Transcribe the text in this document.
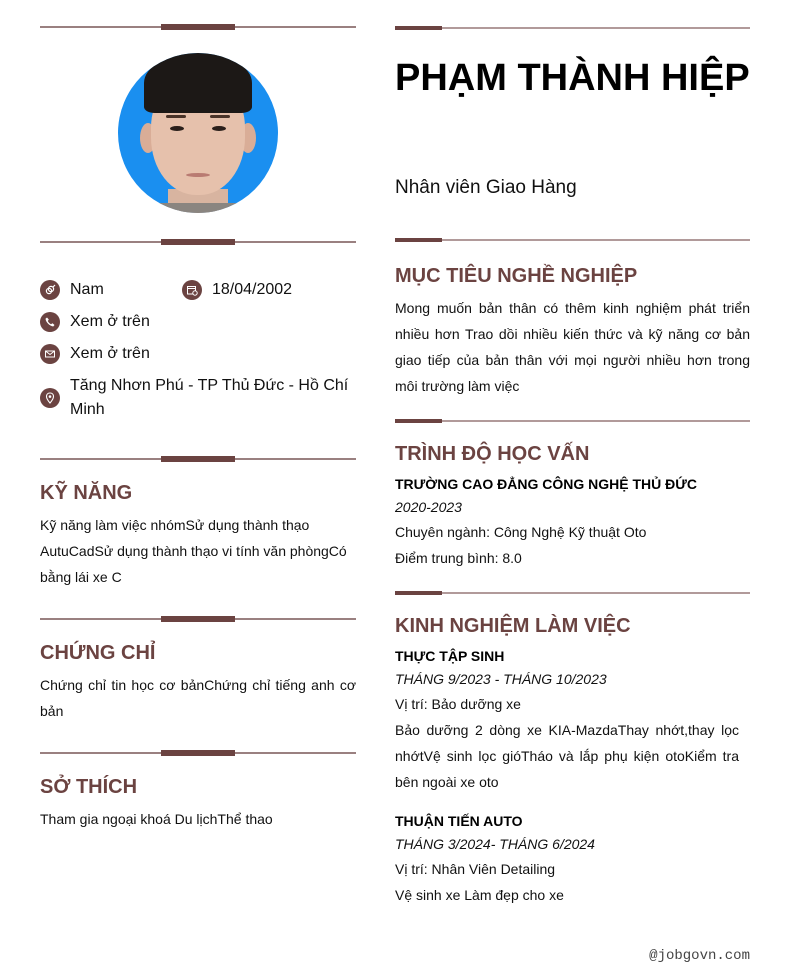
Nam	18/04/2002
Xem ở trên
Xem ở trên
Tăng Nhơn Phú - TP Thủ Đức - Hồ Chí Minh
KỸ NĂNG
Kỹ năng làm việc nhómSử dụng thành thạo AutuCadSử dụng thành thạo vi tính văn phòngCó bằng lái xe C
CHỨNG CHỈ
Chứng chỉ tin học cơ bảnChứng chỉ tiếng anh cơ bản
SỞ THÍCH
Tham gia ngoại khoá Du lịchThể thao
PHẠM THÀNH HIỆP
Nhân viên Giao Hàng
MỤC TIÊU NGHỀ NGHIỆP
Mong muốn bản thân có thêm kinh nghiệm phát triển nhiều hơn Trao dồi nhiều kiến thức và kỹ năng cơ bản giao tiếp của bản thân với mọi người nhiều hơn trong môi trường làm việc
TRÌNH ĐỘ HỌC VẤN
TRƯỜNG CAO ĐẲNG CÔNG NGHỆ THỦ ĐỨC
2020-2023
Chuyên ngành: Công Nghệ Kỹ thuật Oto
Điểm trung bình: 8.0
KINH NGHIỆM LÀM VIỆC
THỰC TẬP SINH
THÁNG 9/2023 - THÁNG 10/2023
Vị trí: Bảo dưỡng xe
Bảo dưỡng 2 dòng xe KIA-MazdaThay nhớt,thay lọc nhớtVệ sinh lọc gióTháo và lắp phụ kiện otoKiểm tra bên ngoài xe oto
THUẬN TIẾN AUTO
THÁNG 3/2024- THÁNG 6/2024
Vị trí: Nhân Viên Detailing
Vệ sinh xe Làm đẹp cho xe
@jobgovn.com
